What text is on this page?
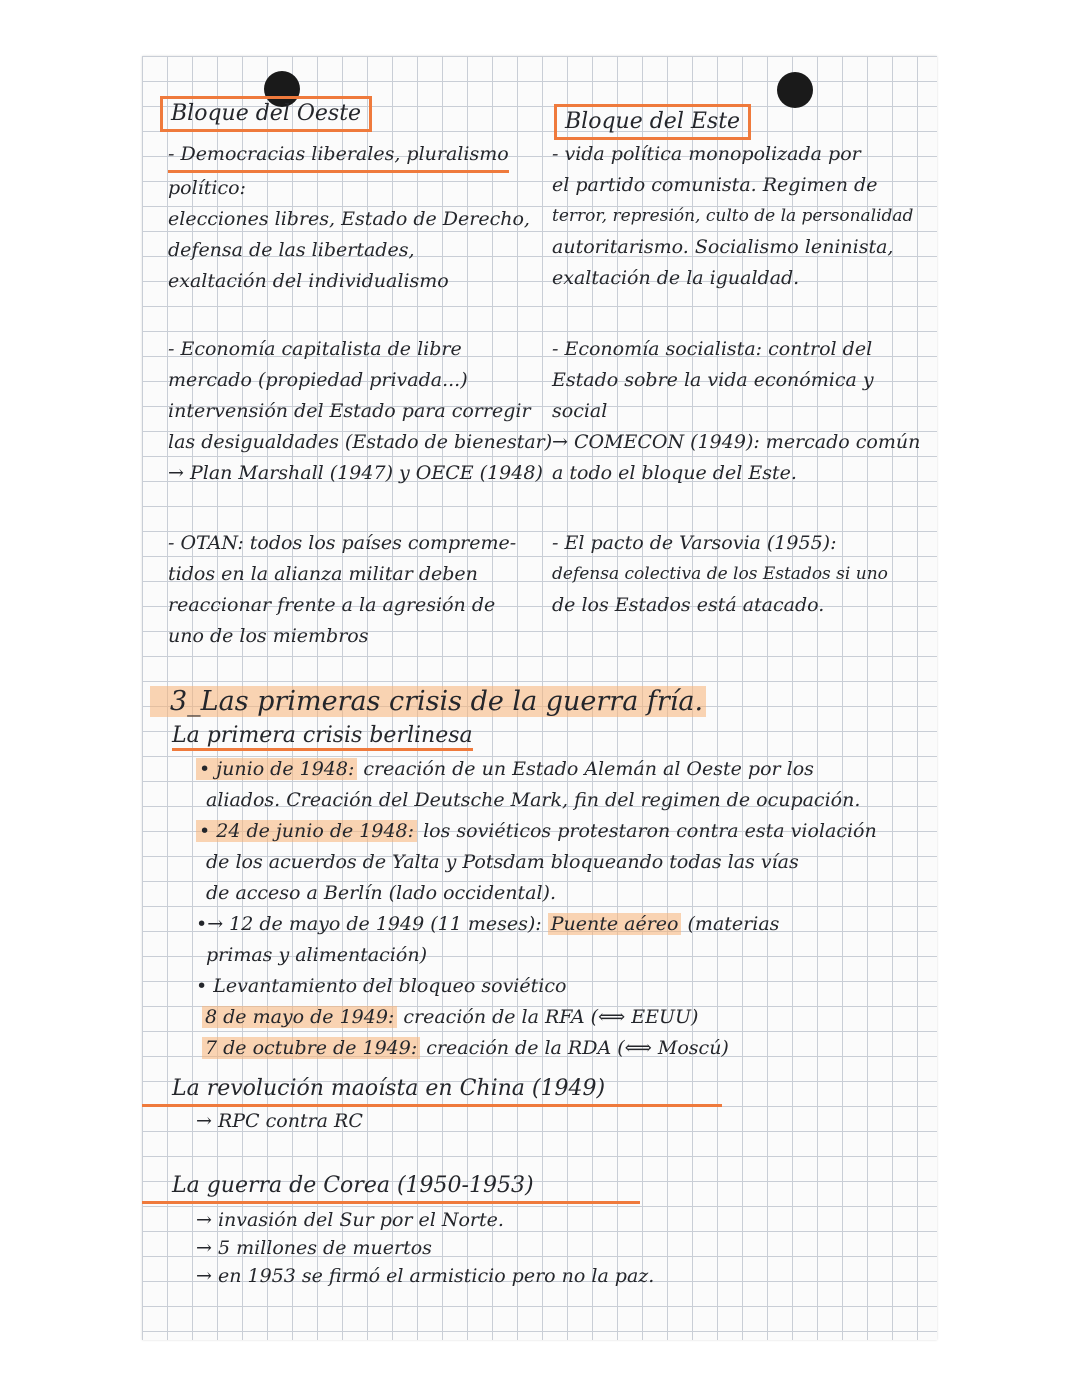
Bloque del Oeste
- Democracias liberales, pluralismo
político:
elecciones libres, Estado de Derecho,
defensa de las libertades,
exaltación del individualismo
- Economía capitalista de libre
mercado (propiedad privada...)
intervensión del Estado para corregir
las desigualdades (Estado de bienestar)
→ Plan Marshall (1947) y OECE (1948)
- OTAN: todos los países compreme-
tidos en la alianza militar deben
reaccionar frente a la agresión de
uno de los miembros
Bloque del Este
- vida política monopolizada por
el partido comunista. Regimen de
terror, represión, culto de la personalidad
autoritarismo. Socialismo leninista,
exaltación de la igualdad.
- Economía socialista: control del
Estado sobre la vida económica y
social
→ COMECON (1949): mercado común
a todo el bloque del Este.
- El pacto de Varsovia (1955):
defensa colectiva de los Estados si uno
de los Estados está atacado.
3_Las primeras crisis de la guerra fría.
La primera crisis berlinesa
• junio de 1948: creación de un Estado Alemán al Oeste por los
aliados. Creación del Deutsche Mark, fin del regimen de ocupación.
• 24 de junio de 1948: los soviéticos protestaron contra esta violación
de los acuerdos de Yalta y Potsdam bloqueando todas las vías
de acceso a Berlín (lado occidental).
•→ 12 de mayo de 1949 (11 meses): Puente aéreo (materias
primas y alimentación)
• Levantamiento del bloqueo soviético
8 de mayo de 1949: creación de la RFA (⟺ EEUU)
7 de octubre de 1949: creación de la RDA (⟺ Moscú)
La revolución maoísta en China (1949)
→ RPC contra RC
La guerra de Corea (1950-1953)
→ invasión del Sur por el Norte.
→ 5 millones de muertos
→ en 1953 se firmó el armisticio pero no la paz.
